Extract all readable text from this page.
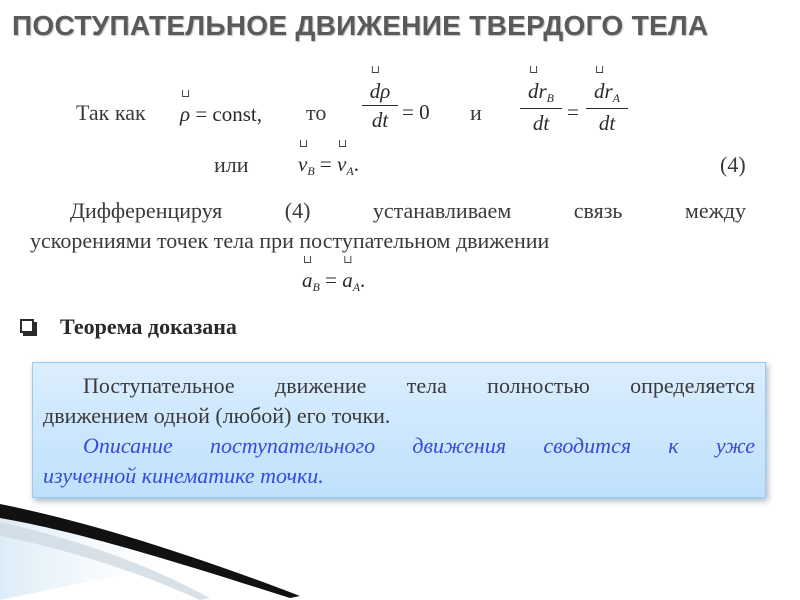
ПОСТУПАТЕЛЬНОЕ ДВИЖЕНИЕ ТВЕРДОГО ТЕЛА
Так как
⊔
ρ = const, то
⊔
dρ
dt = 0 и
⊔
drB
dt =
⊔
drA
dt
или
⊔
vB =
⊔
vA.	(4)
Дифференцируя	(4)	устанавливаем	связь	между
ускорениями точек тела при поступательном движении
⊔
aB =
⊔
aA.
Теорема доказана

Поступательное движение тела полностью определяется

движением одной (любой) его точки.

Описание поступательного движения сводится к уже

изученной кинематике точки.
